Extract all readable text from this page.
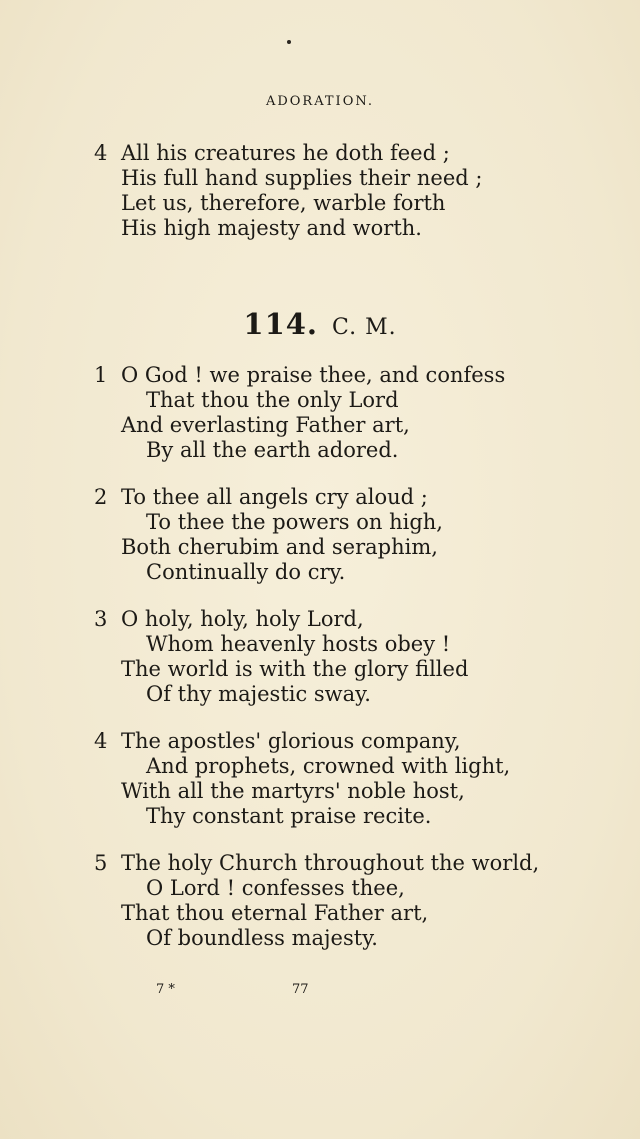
ADORATION.
4 All his creatures he doth feed ;
His full hand supplies their need ;
Let us, therefore, warble forth
His high majesty and worth.
114. C. M.
1 O God ! we praise thee, and confess
That thou the only Lord
And everlasting Father art,
By all the earth adored.
2 To thee all angels cry aloud ;
To thee the powers on high,
Both cherubim and seraphim,
Continually do cry.
3 O holy, holy, holy Lord,
Whom heavenly hosts obey !
The world is with the glory filled
Of thy majestic sway.
4 The apostles' glorious company,
And prophets, crowned with light,
With all the martyrs' noble host,
Thy constant praise recite.
5 The holy Church throughout the world,
O Lord ! confesses thee,
That thou eternal Father art,
Of boundless majesty.
7 *	77
